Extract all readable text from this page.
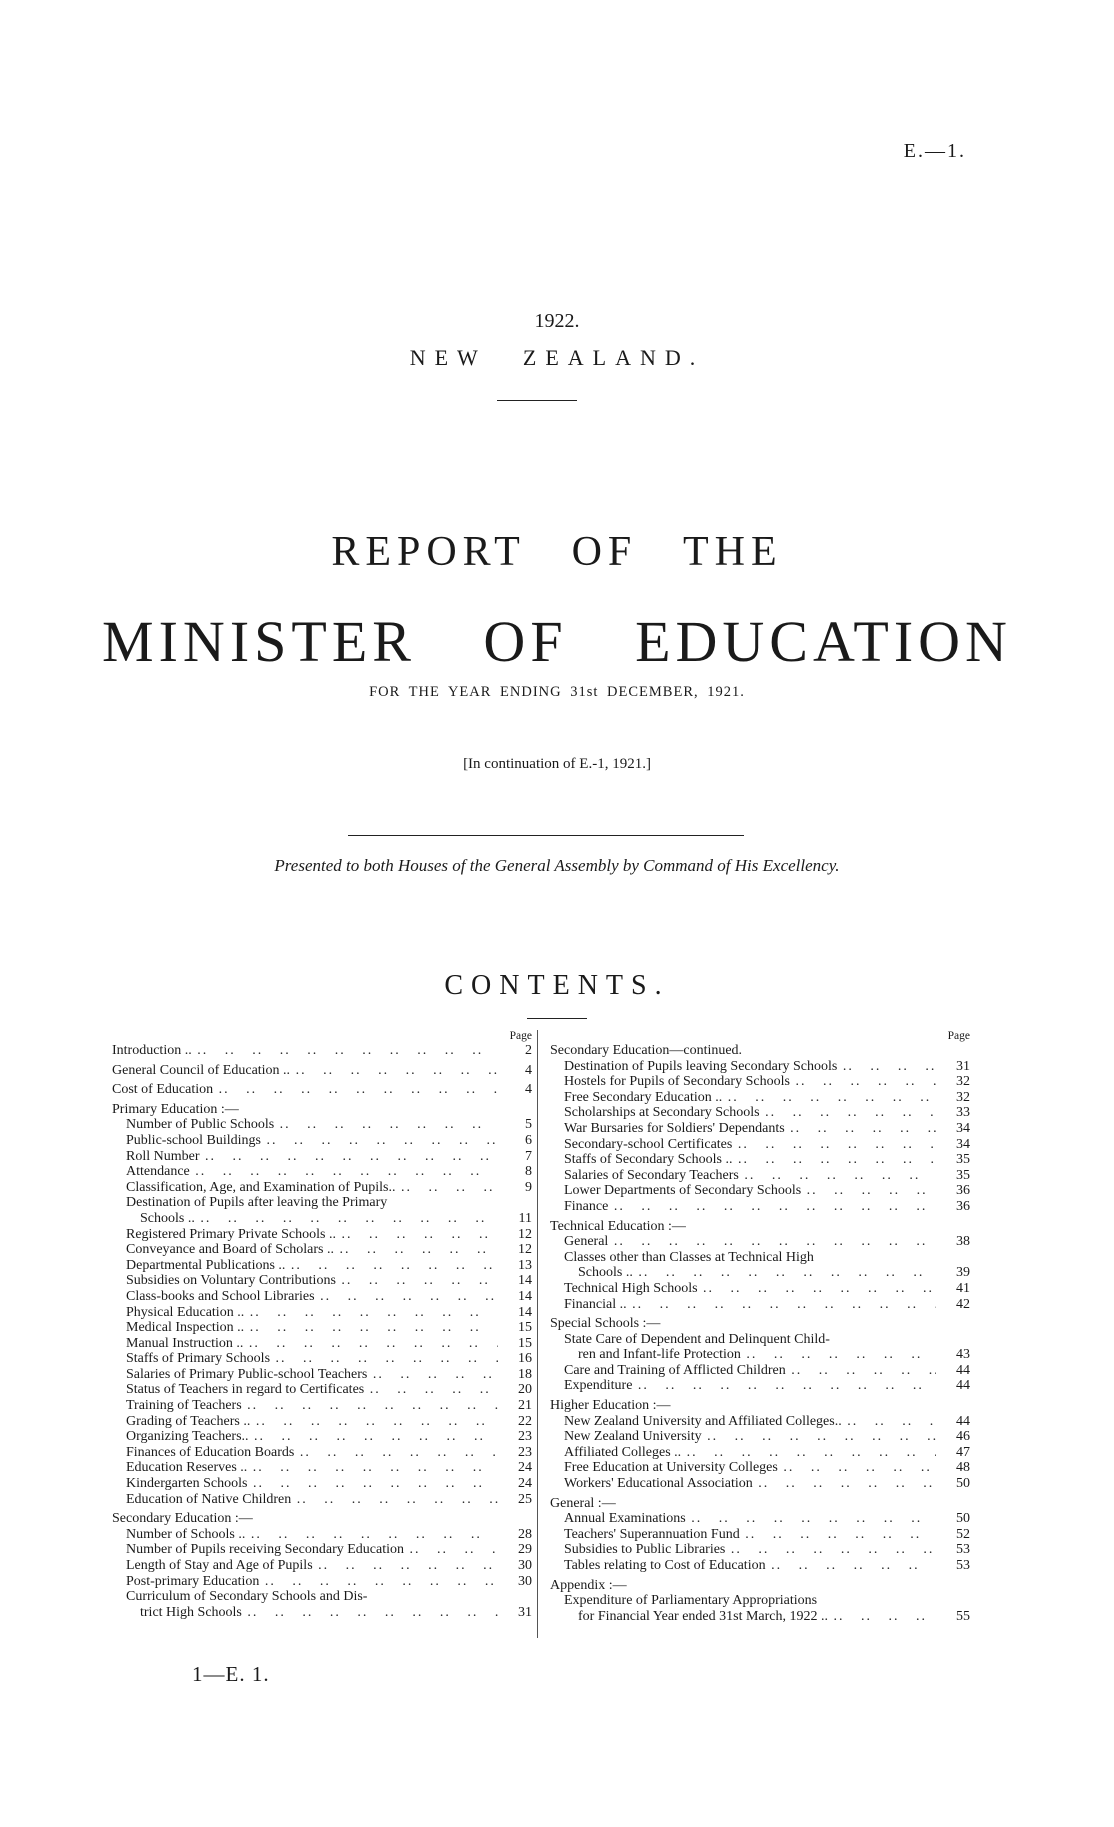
E.—1.
1922.
NEW ZEALAND.
REPORT OF THE
MINISTER OF EDUCATION
FOR THE YEAR ENDING 31st DECEMBER, 1921.
[In continuation of E.-1, 1921.]
Presented to both Houses of the General Assembly by Command of His Excellency.
CONTENTS.
Page
Introduction .. ..	2
General Council of Education .. ..	4
Cost of Education ..	4
Primary Education :—
Number of Public Schools ..	5
Public-school Buildings ..	6
Roll Number ..	7
Attendance ..	8
Classification, Age, and Examination of Pupils.. ..	9
Destination of Pupils after leaving the Primary
Schools .. ..	11
Registered Primary Private Schools .. ..	12
Conveyance and Board of Scholars .. ..	12
Departmental Publications .. ..	13
Subsidies on Voluntary Contributions ..	14
Class-books and School Libraries ..	14
Physical Education .. ..	14
Medical Inspection .. ..	15
Manual Instruction .. ..	15
Staffs of Primary Schools ..	16
Salaries of Primary Public-school Teachers ..	18
Status of Teachers in regard to Certificates ..	20
Training of Teachers ..	21
Grading of Teachers .. ..	22
Organizing Teachers.. ..	23
Finances of Education Boards ..	23
Education Reserves .. ..	24
Kindergarten Schools ..	24
Education of Native Children ..	25
Secondary Education :—
Number of Schools .. ..	28
Number of Pupils receiving Secondary Education ..	29
Length of Stay and Age of Pupils ..	30
Post-primary Education ..	30
Curriculum of Secondary Schools and Dis-
trict High Schools ..	31
Page
Secondary Education—continued.
Destination of Pupils leaving Secondary Schools ..	31
Hostels for Pupils of Secondary Schools ..	32
Free Secondary Education .. ..	32
Scholarships at Secondary Schools ..	33
War Bursaries for Soldiers' Dependants ..	34
Secondary-school Certificates ..	34
Staffs of Secondary Schools .. ..	35
Salaries of Secondary Teachers ..	35
Lower Departments of Secondary Schools ..	36
Finance ..	36
Technical Education :—
General ..	38
Classes other than Classes at Technical High
Schools .. ..	39
Technical High Schools ..	41
Financial .. ..	42
Special Schools :—
State Care of Dependent and Delinquent Child-
ren and Infant-life Protection ..	43
Care and Training of Afflicted Children ..	44
Expenditure ..	44
Higher Education :—
New Zealand University and Affiliated Colleges.. ..	44
New Zealand University ..	46
Affiliated Colleges .. ..	47
Free Education at University Colleges ..	48
Workers' Educational Association ..	50
General :—
Annual Examinations ..	50
Teachers' Superannuation Fund ..	52
Subsidies to Public Libraries ..	53
Tables relating to Cost of Education ..	53
Appendix :—
Expenditure of Parliamentary Appropriations
for Financial Year ended 31st March, 1922 .. ..	55
1—E. 1.
